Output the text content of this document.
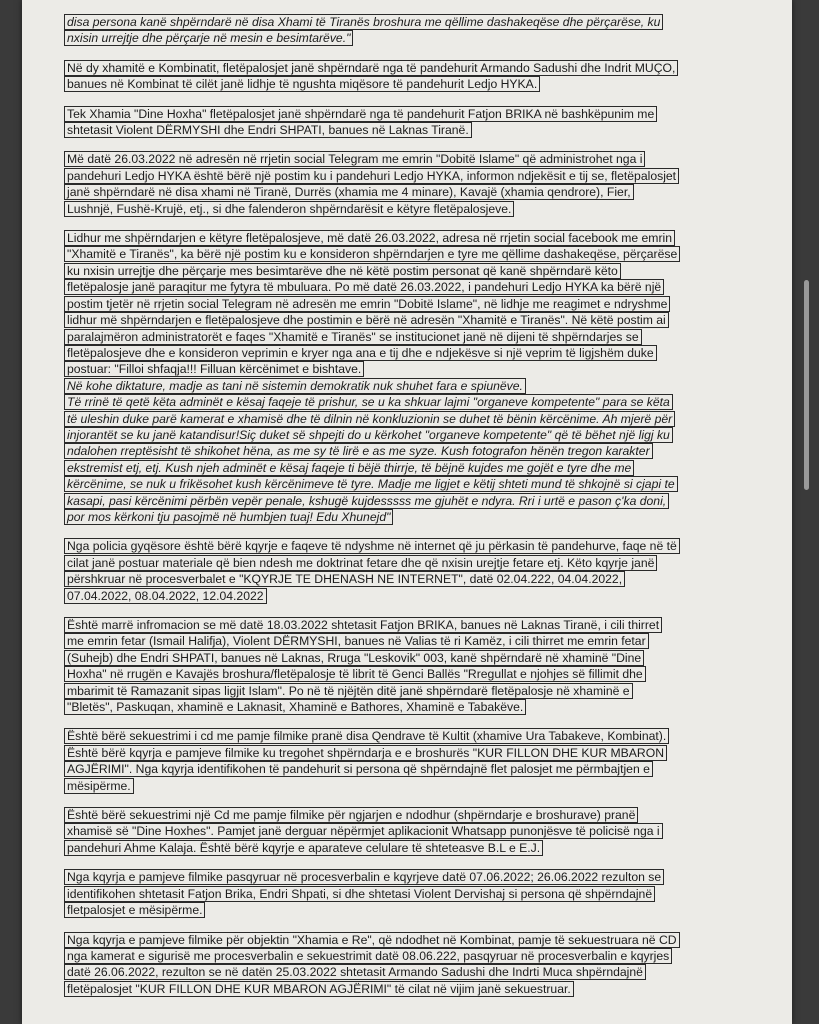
disa persona kanë shpërndarë në disa Xhami të Tiranës broshura me qëllime dashakeqëse dhe përçarëse, ku
nxisin urrejtje dhe përçarje në mesin e besimtarëve."
Në dy xhamitë e Kombinatit, fletëpalosjet janë shpërndarë nga të pandehurit Armando Sadushi dhe Indrit MUÇO,
banues në Kombinat të cilët janë lidhje të ngushta miqësore të pandehurit Ledjo HYKA.
Tek Xhamia "Dine Hoxha" fletëpalosjet janë shpërndarë nga të pandehurit Fatjon BRIKA në bashkëpunim me
shtetasit Violent DËRMYSHI dhe Endri SHPATI, banues në Laknas Tiranë.
Më datë 26.03.2022 në adresën në rrjetin social Telegram me emrin "Dobitë Islame" që administrohet nga i
pandehuri Ledjo HYKA është bërë një postim ku i pandehuri Ledjo HYKA, informon ndjekësit e tij se, fletëpalosjet
janë shpërndarë në disa xhami në Tiranë, Durrës (xhamia me 4 minare), Kavajë (xhamia qendrore), Fier,
Lushnjë, Fushë-Krujë, etj., si dhe falenderon shpërndarësit e këtyre fletëpalosjeve.
Lidhur me shpërndarjen e këtyre fletëpalosjeve, më datë 26.03.2022, adresa në rrjetin social facebook me emrin
"Xhamitë e Tiranës", ka bërë një postim ku e konsideron shpërndarjen e tyre me qëllime dashakeqëse, përçarëse
ku nxisin urrejtje dhe përçarje mes besimtarëve dhe në këtë postim personat që kanë shpërndarë këto
fletëpalosje janë paraqitur me fytyra të mbuluara. Po më datë 26.03.2022, i pandehuri Ledjo HYKA ka bërë një
postim tjetër në rrjetin social Telegram në adresën me emrin "Dobitë Islame", në lidhje me reagimet e ndryshme
lidhur më shpërndarjen e fletëpalosjeve dhe postimin e bërë në adresën "Xhamitë e Tiranës". Në këtë postim ai
paralajmëron administratorët e faqes "Xhamitë e Tiranës" se institucionet janë në dijeni të shpërndarjes se
fletëpalosjeve dhe e konsideron veprimin e kryer nga ana e tij dhe e ndjekësve si një veprim të ligjshëm duke
postuar: "Filloi shfaqja!!! Filluan kërcënimet e bishtave.
Në kohe diktature, madje as tani në sistemin demokratik nuk shuhet fara e spiunëve.
Të rrinë të qetë këta adminët e kësaj faqeje të prishur, se u ka shkuar lajmi "organeve kompetente" para se këta
të uleshin duke parë kamerat e xhamisë dhe të dilnin në konkluzionin se duhet të bënin kërcënime. Ah mjerë për
injorantët se ku janë katandisur!Siç duket së shpejti do u kërkohet "organeve kompetente" që të bëhet një ligj ku
ndalohen rreptësisht të shikohet hëna, as me sy të lirë e as me syze. Kush fotografon hënën tregon karakter
ekstremist etj, etj. Kush njeh adminët e kësaj faqeje ti bëjë thirrje, të bëjnë kujdes me gojët e tyre dhe me
kërcënime, se nuk u frikësohet kush kërcënimeve të tyre. Madje me ligjet e këtij shteti mund të shkojnë si cjapi te
kasapi, pasi kërcënimi përbën vepër penale, kshugë kujdesssss me gjuhët e ndyra. Rri i urtë e pason ç'ka doni,
por mos kërkoni tju pasojmë në humbjen tuaj! Edu Xhunejd"
Nga policia gyqësore është bërë kqyrje e faqeve të ndyshme në internet që ju përkasin të pandehurve, faqe në të
cilat janë postuar materiale që bien ndesh me doktrinat fetare dhe që nxisin urejtje fetare etj. Këto kqyrje janë
përshkruar në procesverbalet e "KQYRJE TE DHENASH NE INTERNET", datë 02.04.222, 04.04.2022,
07.04.2022, 08.04.2022, 12.04.2022
Është marrë infromacion se më datë 18.03.2022 shtetasit Fatjon BRIKA, banues në Laknas Tiranë, i cili thirret
me emrin fetar (Ismail Halifja), Violent DËRMYSHI, banues në Valias të ri Kamëz, i cili thirret me emrin fetar
(Suhejb) dhe Endri SHPATI, banues në Laknas, Rruga "Leskovik" 003, kanë shpërndarë në xhaminë "Dine
Hoxha" në rrugën e Kavajës broshura/fletëpalosje të librit të Genci Ballës "Rregullat e njohjes së fillimit dhe
mbarimit të Ramazanit sipas ligjit Islam". Po në të njëjtën ditë janë shpërndarë fletëpalosje në xhaminë e
"Bletës", Paskuqan, xhaminë e Laknasit, Xhaminë e Bathores, Xhaminë e Tabakëve.
Është bërë sekuestrimi i cd me pamje filmike pranë disa Qendrave të Kultit (xhamive Ura Tabakeve, Kombinat).
Është bërë kqyrja e pamjeve filmike ku tregohet shpërndarja e e broshurës "KUR FILLON DHE KUR MBARON
AGJËRIMI". Nga kqyrja identifikohen të pandehurit si persona që shpërndajnë flet palosjet me përmbajtjen e
mësipërme.
Është bërë sekuestrimi një Cd me pamje filmike për ngjarjen e ndodhur (shpërndarje e broshurave) pranë
xhamisë së "Dine Hoxhes". Pamjet janë derguar nëpërmjet aplikacionit Whatsapp punonjësve të policisë nga i
pandehuri Ahme Kalaja. Është bërë kqyrje e aparateve celulare të shteteasve B.L e E.J.
Nga kqyrja e pamjeve filmike pasqyruar në procesverbalin e kqyrjeve datë 07.06.2022; 26.06.2022 rezulton se
identifikohen shtetasit Fatjon Brika, Endri Shpati, si dhe shtetasi Violent Dervishaj si persona që shpërndajnë
fletpalosjet e mësipërme.
Nga kqyrja e pamjeve filmike për objektin "Xhamia e Re", që ndodhet në Kombinat, pamje të sekuestruara në CD
nga kamerat e sigurisë me procesverbalin e sekuestrimit datë 08.06.222, pasqyruar në procesverbalin e kqyrjes
datë 26.06.2022, rezulton se në datën 25.03.2022 shtetasit Armando Sadushi dhe Indrti Muca shpërndajnë
fletëpalosjet "KUR FILLON DHE KUR MBARON AGJËRIMI" të cilat në vijim janë sekuestruar.
